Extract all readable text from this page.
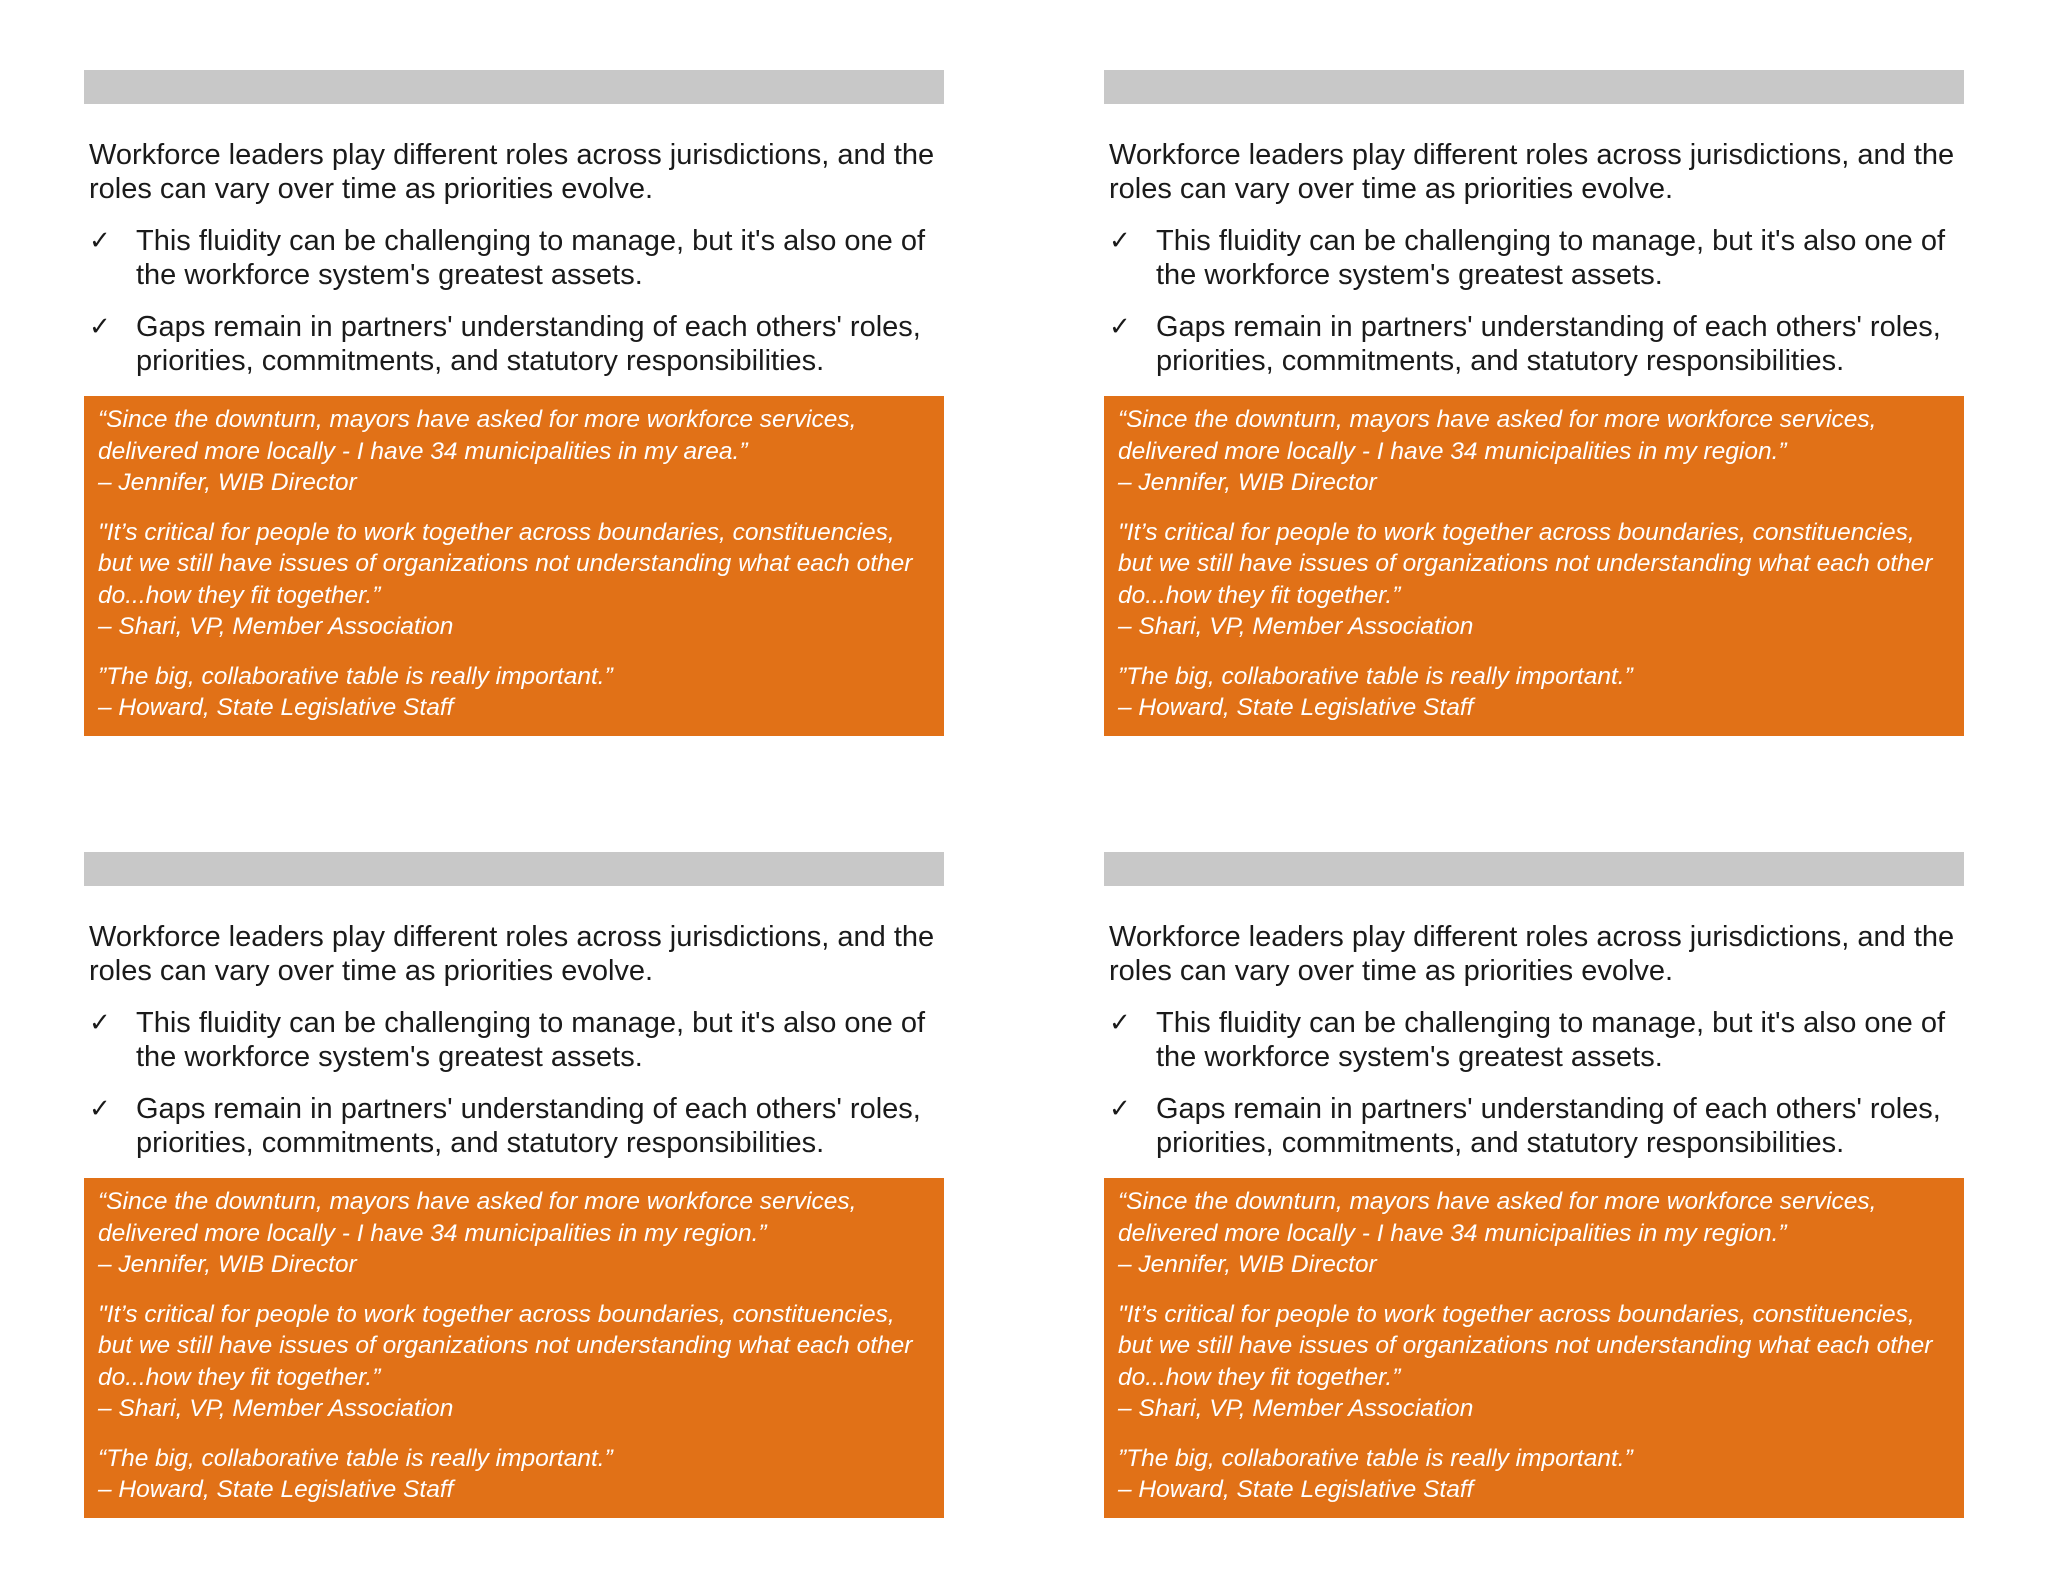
Workforce leaders play different roles across jurisdictions, and the roles can vary over time as priorities evolve.

✓ This fluidity can be challenging to manage, but it's also one of the workforce system's greatest assets.
✓ Gaps remain in partners' understanding of each others' roles, priorities, commitments, and statutory responsibilities.
“Since the downturn, mayors have asked for more workforce services, delivered more locally - I have 34 municipalities in my area.”
– Jennifer, WIB Director
"It’s critical for people to work together across boundaries, constituencies, but we still have issues of organizations not understanding what each other do...how they fit together.”
– Shari, VP, Member Association
”The big, collaborative table is really important.”
– Howard, State Legislative Staff

Workforce leaders play different roles across jurisdictions, and the roles can vary over time as priorities evolve.

✓ This fluidity can be challenging to manage, but it's also one of the workforce system's greatest assets.
✓ Gaps remain in partners' understanding of each others' roles, priorities, commitments, and statutory responsibilities.
“Since the downturn, mayors have asked for more workforce services, delivered more locally - I have 34 municipalities in my region.”
– Jennifer, WIB Director
"It’s critical for people to work together across boundaries, constituencies, but we still have issues of organizations not understanding what each other do...how they fit together.”
– Shari, VP, Member Association
”The big, collaborative table is really important.”
– Howard, State Legislative Staff

Workforce leaders play different roles across jurisdictions, and the roles can vary over time as priorities evolve.

✓ This fluidity can be challenging to manage, but it's also one of the workforce system's greatest assets.
✓ Gaps remain in partners' understanding of each others' roles, priorities, commitments, and statutory responsibilities.
“Since the downturn, mayors have asked for more workforce services, delivered more locally - I have 34 municipalities in my region.”
– Jennifer, WIB Director
"It’s critical for people to work together across boundaries, constituencies, but we still have issues of organizations not understanding what each other do...how they fit together.”
– Shari, VP, Member Association
“The big, collaborative table is really important.”
– Howard, State Legislative Staff

Workforce leaders play different roles across jurisdictions, and the roles can vary over time as priorities evolve.

✓ This fluidity can be challenging to manage, but it's also one of the workforce system's greatest assets.
✓ Gaps remain in partners' understanding of each others' roles, priorities, commitments, and statutory responsibilities.
“Since the downturn, mayors have asked for more workforce services, delivered more locally - I have 34 municipalities in my region.”
– Jennifer, WIB Director
"It’s critical for people to work together across boundaries, constituencies, but we still have issues of organizations not understanding what each other do...how they fit together.”
– Shari, VP, Member Association
”The big, collaborative table is really important.”
– Howard, State Legislative Staff
